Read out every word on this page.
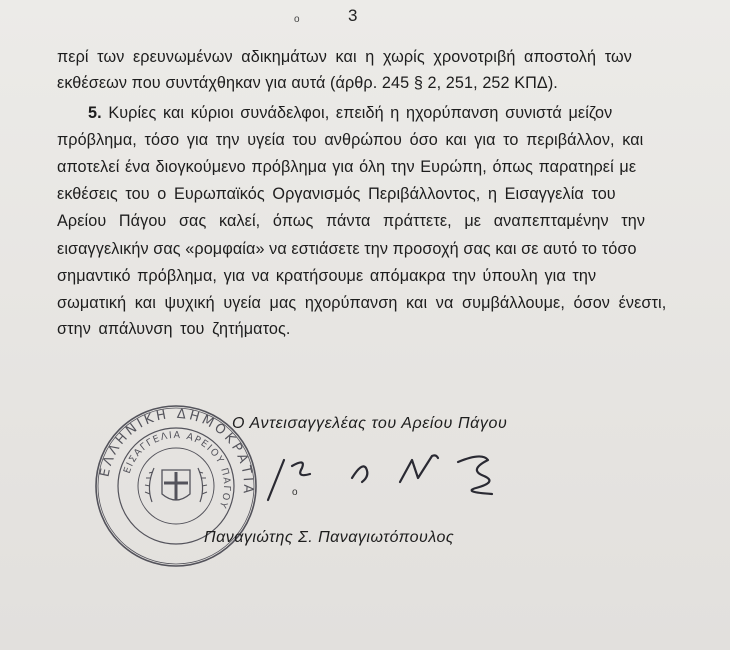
o	3
περί των ερευνωμένων αδικημάτων και η χωρίς χρονοτριβή αποστολή των
εκθέσεων που συντάχθηκαν για αυτά (άρθρ. 245 § 2, 251, 252 ΚΠΔ).
5. Κυρίες και κύριοι συνάδελφοι, επειδή η ηχορύπανση συνιστά μείζον
πρόβλημα, τόσο για την υγεία του ανθρώπου όσο και για το περιβάλλον, και
αποτελεί ένα διογκούμενο πρόβλημα για όλη την Ευρώπη, όπως παρατηρεί με
εκθέσεις του ο Ευρωπαϊκός Οργανισμός Περιβάλλοντος, η Εισαγγελία του
Αρείου Πάγου σας καλεί, όπως πάντα πράττετε, με αναπεπταμένην την
εισαγγελικήν σας «ρομφαία» να εστιάσετε την προσοχή σας και σε αυτό το τόσο
σημαντικό πρόβλημα, για να κρατήσουμε απόμακρα την ύπουλη για την
σωματική και ψυχική υγεία μας ηχορύπανση και να συμβάλλουμε, όσον ένεστι,
στην απάλυνση του ζητήματος.
ΕΛΛΗΝΙΚΗ ΔΗΜΟΚΡΑΤΙΑ
ΕΙΣΑΓΓΕΛΙΑ ΑΡΕΙΟΥ ΠΑΓΟΥ
Ο Αντεισαγγελέας του Αρείου Πάγου
o
Παναγιώτης Σ. Παναγιωτόπουλος
